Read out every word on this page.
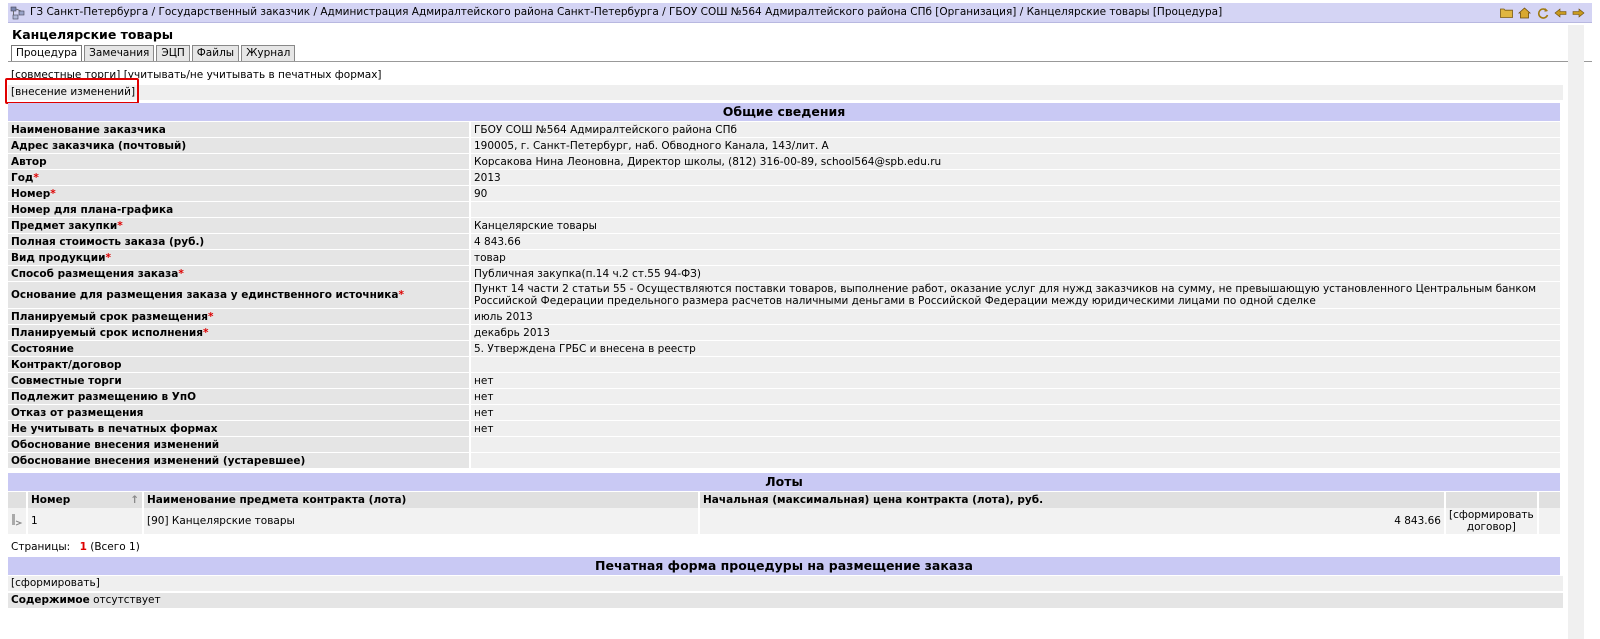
ГЗ Санкт-Петербурга / Государственный заказчик / Администрация Адмиралтейского района Санкт-Петербурга / ГБОУ СОШ №564 Адмиралтейского района СПб [Организация] / Канцелярские товары [Процедура]
Канцелярские товары
Процедура	Замечания	ЭЦП	Файлы	Журнал
[совместные торги] [учитывать/не учитывать в печатных формах]
[внесение изменений]
Общие сведения
Наименование заказчика	ГБОУ СОШ №564 Адмиралтейского района СПб
Адрес заказчика (почтовый)	190005, г. Санкт-Петербург, наб. Обводного Канала, 143/лит. А
Автор	Корсакова Нина Леоновна, Директор школы, (812) 316-00-89, school564@spb.edu.ru
Год*	2013
Номер*	90
Номер для плана-графика	
Предмет закупки*	Канцелярские товары
Полная стоимость заказа (руб.)	4 843.66
Вид продукции*	товар
Способ размещения заказа*	Публичная закупка(п.14 ч.2 ст.55 94-ФЗ)
Основание для размещения заказа у единственного источника*	Пункт 14 части 2 статьи 55 - Осуществляются поставки товаров, выполнение работ, оказание услуг для нужд заказчиков на сумму, не превышающую установленного Центральным банком Российской Федерации предельного размера расчетов наличными деньгами в Российской Федерации между юридическими лицами по одной сделке
Планируемый срок размещения*	июль 2013
Планируемый срок исполнения*	декабрь 2013
Состояние	5. Утверждена ГРБС и внесена в реестр
Контракт/договор	
Совместные торги	нет
Подлежит размещению в УпО	нет
Отказ от размещения	нет
Не учитывать в печатных формах	нет
Обоснование внесения изменений	
Обоснование внесения изменений (устаревшее)	
Лоты
	Номер ↑	Наименование предмета контракта (лота)	Начальная (максимальная) цена контракта (лота), руб.		
	1	[90] Канцелярские товары	4 843.66	[сформировать договор]	
Страницы: 1 (Всего 1)
Печатная форма процедуры на размещение заказа
[сформировать]
Содержимое отсутствует
